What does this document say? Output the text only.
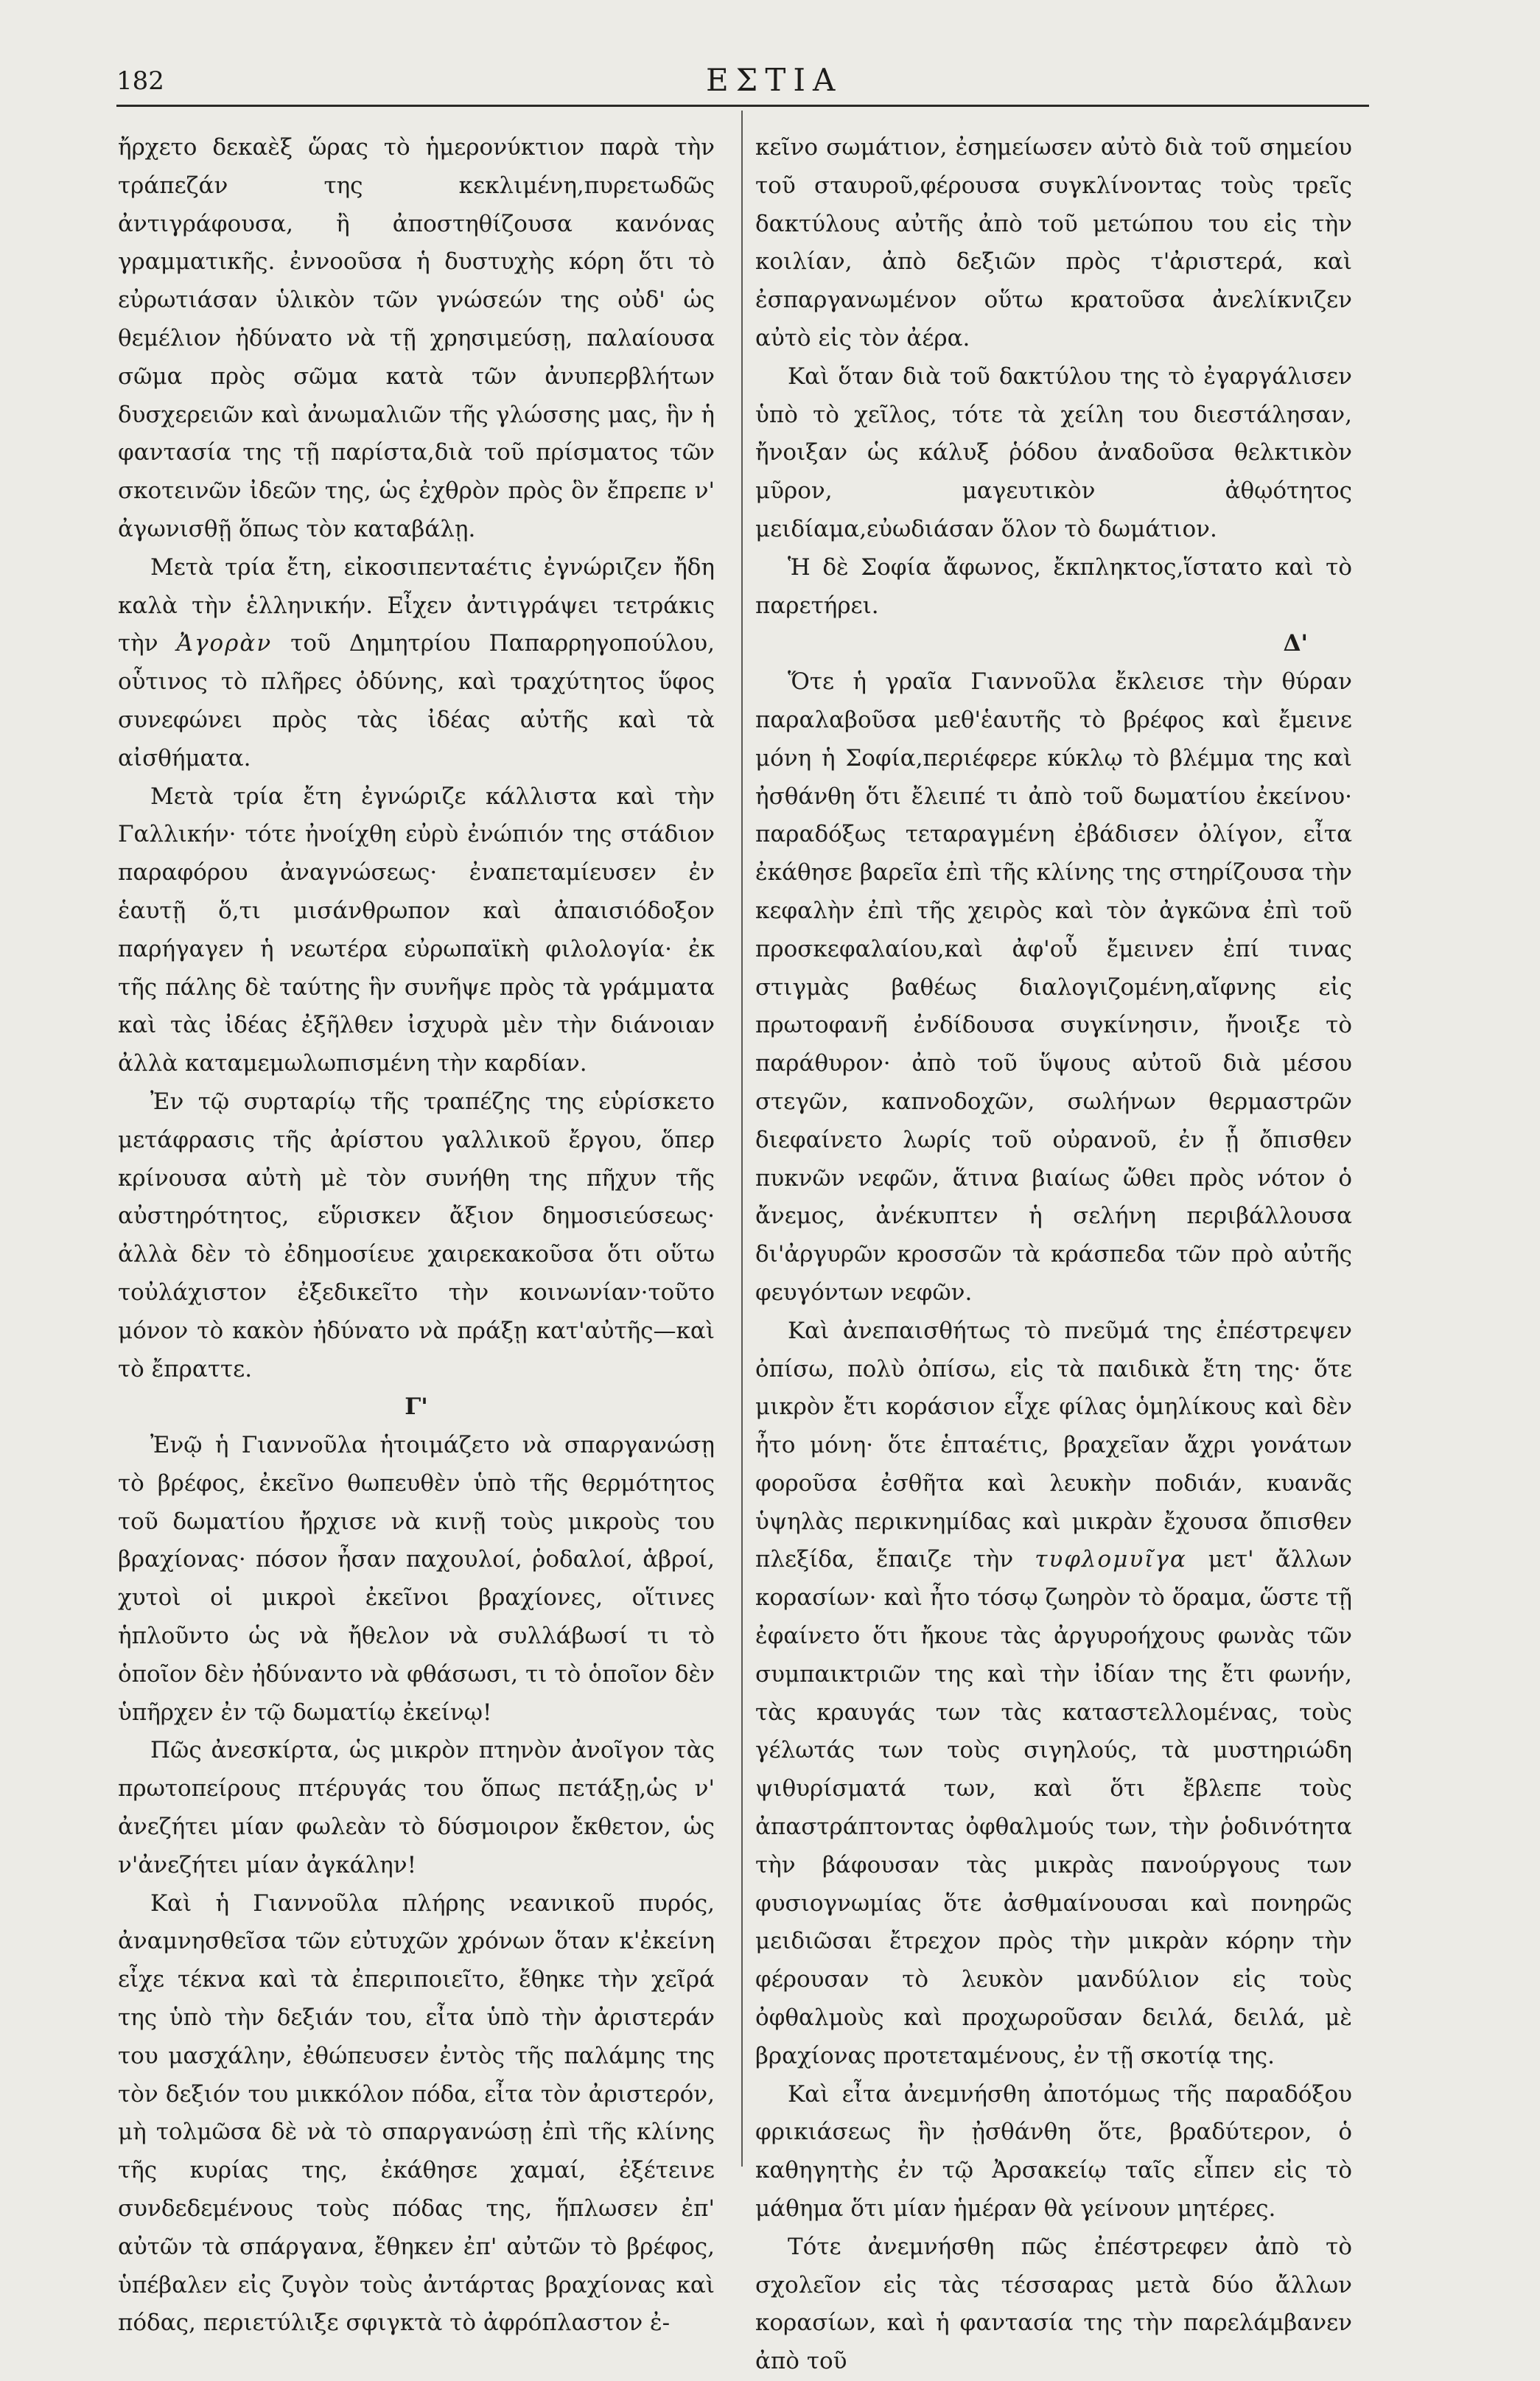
182	ΕΣΤΙΑ

ἤρχετο δεκαὲξ ὥρας τὸ ἡμερονύκτιον παρὰ τὴν τράπεζάν της κεκλιμένη,πυρετωδῶς ἀντιγράφουσα, ἢ ἀποστηθίζουσα κανόνας γραμματικῆς. ἐννοοῦσα ἡ δυστυχὴς κόρη ὅτι τὸ εὐρωτιάσαν ὑλικὸν τῶν γνώσεών της οὐδ' ὡς θεμέλιον ἠδύνατο νὰ τῇ χρησιμεύσῃ, παλαίουσα σῶμα πρὸς σῶμα κατὰ τῶν ἀνυπερβλήτων δυσχερειῶν καὶ ἀνωμαλιῶν τῆς γλώσσης μας, ἣν ἡ φαντασία της τῇ παρίστα,διὰ τοῦ πρίσματος τῶν σκοτεινῶν ἰδεῶν της, ὡς ἐχθρὸν πρὸς ὃν ἔπρεπε ν' ἀγωνισθῇ ὅπως τὸν καταβάλῃ.

Μετὰ τρία ἔτη, εἰκοσιπενταέτις ἐγνώριζεν ἤδη καλὰ τὴν ἑλληνικήν. Εἶχεν ἀντιγράψει τετράκις τὴν Ἀγορὰν τοῦ Δημητρίου Παπαρρηγοπούλου, οὗτινος τὸ πλῆρες ὀδύνης, καὶ τραχύτητος ὕφος συνεφώνει πρὸς τὰς ἰδέας αὐτῆς καὶ τὰ αἰσθήματα.

Μετὰ τρία ἔτη ἐγνώριζε κάλλιστα καὶ τὴν Γαλλικήν· τότε ἠνοίχθη εὐρὺ ἐνώπιόν της στάδιον παραφόρου ἀναγνώσεως· ἐναπεταμίευσεν ἐν ἑαυτῇ ὅ,τι μισάνθρωπον καὶ ἀπαισιόδοξον παρήγαγεν ἡ νεωτέρα εὐρωπαϊκὴ φιλολογία· ἐκ τῆς πάλης δὲ ταύτης ἣν συνῆψε πρὸς τὰ γράμματα καὶ τὰς ἰδέας ἐξῆλθεν ἰσχυρὰ μὲν τὴν διάνοιαν ἀλλὰ καταμεμωλωπισμένη τὴν καρδίαν.

Ἐν τῷ συρταρίῳ τῆς τραπέζης της εὑρίσκετο μετάφρασις τῆς ἀρίστου γαλλικοῦ ἔργου, ὅπερ κρίνουσα αὐτὴ μὲ τὸν συνήθη της πῆχυν τῆς αὐστηρότητος, εὕρισκεν ἄξιον δημοσιεύσεως· ἀλλὰ δὲν τὸ ἐδημοσίευε χαιρεκακοῦσα ὅτι οὕτω τοὐλάχιστον ἐξεδικεῖτο τὴν κοινωνίαν·τοῦτο μόνον τὸ κακὸν ἠδύνατο νὰ πράξῃ κατ'αὐτῆς—καὶ τὸ ἔπραττε.

Γ'

Ἐνῷ ἡ Γιαννοῦλα ἡτοιμάζετο νὰ σπαργανώσῃ τὸ βρέφος, ἐκεῖνο θωπευθὲν ὑπὸ τῆς θερμότητος τοῦ δωματίου ἤρχισε νὰ κινῇ τοὺς μικροὺς του βραχίονας· πόσον ἦσαν παχουλοί, ῥοδαλοί, ἁβροί, χυτοὶ οἱ μικροὶ ἐκεῖνοι βραχίονες, οἵτινες ἡπλοῦντο ὡς νὰ ἤθελον νὰ συλλάβωσί τι τὸ ὁποῖον δὲν ἠδύναντο νὰ φθάσωσι, τι τὸ ὁποῖον δὲν ὑπῆρχεν ἐν τῷ δωματίῳ ἐκείνῳ!

Πῶς ἀνεσκίρτα, ὡς μικρὸν πτηνὸν ἀνοῖγον τὰς πρωτοπείρους πτέρυγάς του ὅπως πετάξῃ,ὡς ν' ἀνεζήτει μίαν φωλεὰν τὸ δύσμοιρον ἔκθετον, ὡς ν'ἀνεζήτει μίαν ἀγκάλην!

Καὶ ἡ Γιαννοῦλα πλήρης νεανικοῦ πυρός, ἀναμνησθεῖσα τῶν εὐτυχῶν χρόνων ὅταν κ'ἐκείνη εἶχε τέκνα καὶ τὰ ἐπεριποιεῖτο, ἔθηκε τὴν χεῖρά της ὑπὸ τὴν δεξιάν του, εἶτα ὑπὸ τὴν ἀριστεράν του μασχάλην, ἐθώπευσεν ἐντὸς τῆς παλάμης της τὸν δεξιόν του μικκόλον πόδα, εἶτα τὸν ἀριστερόν, μὴ τολμῶσα δὲ νὰ τὸ σπαργανώσῃ ἐπὶ τῆς κλίνης τῆς κυρίας της, ἐκάθησε χαμαί, ἐξέτεινε συνδεδεμένους τοὺς πόδας της, ἥπλωσεν ἐπ' αὐτῶν τὰ σπάργανα, ἔθηκεν ἐπ' αὐτῶν τὸ βρέφος, ὑπέβαλεν εἰς ζυγὸν τοὺς ἀντάρτας βραχίονας καὶ πόδας, περιετύλιξε σφιγκτὰ τὸ ἀφρόπλαστον ἐ-

κεῖνο σωμάτιον, ἐσημείωσεν αὐτὸ διὰ τοῦ σημείου τοῦ σταυροῦ,φέρουσα συγκλίνοντας τοὺς τρεῖς δακτύλους αὐτῆς ἀπὸ τοῦ μετώπου του εἰς τὴν κοιλίαν, ἀπὸ δεξιῶν πρὸς τ'ἀριστερά, καὶ ἐσπαργανωμένον οὕτω κρατοῦσα ἀνελίκνιζεν αὐτὸ εἰς τὸν ἀέρα.

Καὶ ὅταν διὰ τοῦ δακτύλου της τὸ ἐγαργάλισεν ὑπὸ τὸ χεῖλος, τότε τὰ χείλη του διεστάλησαν, ἤνοιξαν ὡς κάλυξ ῥόδου ἀναδοῦσα θελκτικὸν μῦρον, μαγευτικὸν ἀθῳότητος μειδίαμα,εὐωδιάσαν ὅλον τὸ δωμάτιον.

Ἡ δὲ Σοφία ἄφωνος, ἔκπληκτος,ἵστατο καὶ τὸ παρετήρει.

Δ'

Ὅτε ἡ γραῖα Γιαννοῦλα ἔκλεισε τὴν θύραν παραλαβοῦσα μεθ'ἑαυτῆς τὸ βρέφος καὶ ἔμεινε μόνη ἡ Σοφία,περιέφερε κύκλῳ τὸ βλέμμα της καὶ ἠσθάνθη ὅτι ἔλειπέ τι ἀπὸ τοῦ δωματίου ἐκείνου· παραδόξως τεταραγμένη ἐβάδισεν ὀλίγον, εἶτα ἐκάθησε βαρεῖα ἐπὶ τῆς κλίνης της στηρίζουσα τὴν κεφαλὴν ἐπὶ τῆς χειρὸς καὶ τὸν ἀγκῶνα ἐπὶ τοῦ προσκεφαλαίου,καὶ ἀφ'οὗ ἔμεινεν ἐπί τινας στιγμὰς βαθέως διαλογιζομένη,αἴφνης εἰς πρωτοφανῆ ἐνδίδουσα συγκίνησιν, ἤνοιξε τὸ παράθυρον· ἀπὸ τοῦ ὕψους αὐτοῦ διὰ μέσου στεγῶν, καπνοδοχῶν, σωλήνων θερμαστρῶν διεφαίνετο λωρίς τοῦ οὐρανοῦ, ἐν ᾗ ὄπισθεν πυκνῶν νεφῶν, ἅτινα βιαίως ὤθει πρὸς νότον ὁ ἄνεμος, ἀνέκυπτεν ἡ σελήνη περιβάλλουσα δι'ἀργυρῶν κροσσῶν τὰ κράσπεδα τῶν πρὸ αὐτῆς φευγόντων νεφῶν.

Καὶ ἀνεπαισθήτως τὸ πνεῦμά της ἐπέστρεψεν ὀπίσω, πολὺ ὀπίσω, εἰς τὰ παιδικὰ ἔτη της· ὅτε μικρὸν ἔτι κοράσιον εἶχε φίλας ὁμηλίκους καὶ δὲν ἦτο μόνη· ὅτε ἑπταέτις, βραχεῖαν ἄχρι γονάτων φοροῦσα ἐσθῆτα καὶ λευκὴν ποδιάν, κυανᾶς ὑψηλὰς περικνημίδας καὶ μικρὰν ἔχουσα ὄπισθεν πλεξίδα, ἔπαιζε τὴν τυφλομυῖγα μετ' ἄλλων κορασίων· καὶ ἦτο τόσῳ ζωηρὸν τὸ ὅραμα, ὥστε τῇ ἐφαίνετο ὅτι ἤκουε τὰς ἀργυροήχους φωνὰς τῶν συμπαικτριῶν της καὶ τὴν ἰδίαν της ἔτι φωνήν, τὰς κραυγάς των τὰς καταστελλομένας, τοὺς γέλωτάς των τοὺς σιγηλούς, τὰ μυστηριώδη ψιθυρίσματά των, καὶ ὅτι ἔβλεπε τοὺς ἀπαστράπτοντας ὀφθαλμούς των, τὴν ῥοδινότητα τὴν βάφουσαν τὰς μικρὰς πανούργους των φυσιογνωμίας ὅτε ἀσθμαίνουσαι καὶ πονηρῶς μειδιῶσαι ἔτρεχον πρὸς τὴν μικρὰν κόρην τὴν φέρουσαν τὸ λευκὸν μανδύλιον εἰς τοὺς ὀφθαλμοὺς καὶ προχωροῦσαν δειλά, δειλά, μὲ βραχίονας προτεταμένους, ἐν τῇ σκοτίᾳ της.

Καὶ εἶτα ἀνεμνήσθη ἀποτόμως τῆς παραδόξου φρικιάσεως ἣν ᾐσθάνθη ὅτε, βραδύτερον, ὁ καθηγητὴς ἐν τῷ Ἀρσακείῳ ταῖς εἶπεν εἰς τὸ μάθημα ὅτι μίαν ἡμέραν θὰ γείνουν μητέρες.

Τότε ἀνεμνήσθη πῶς ἐπέστρεφεν ἀπὸ τὸ σχολεῖον εἰς τὰς τέσσαρας μετὰ δύο ἄλλων κορασίων, καὶ ἡ φαντασία της τὴν παρελάμβανεν ἀπὸ τοῦ
